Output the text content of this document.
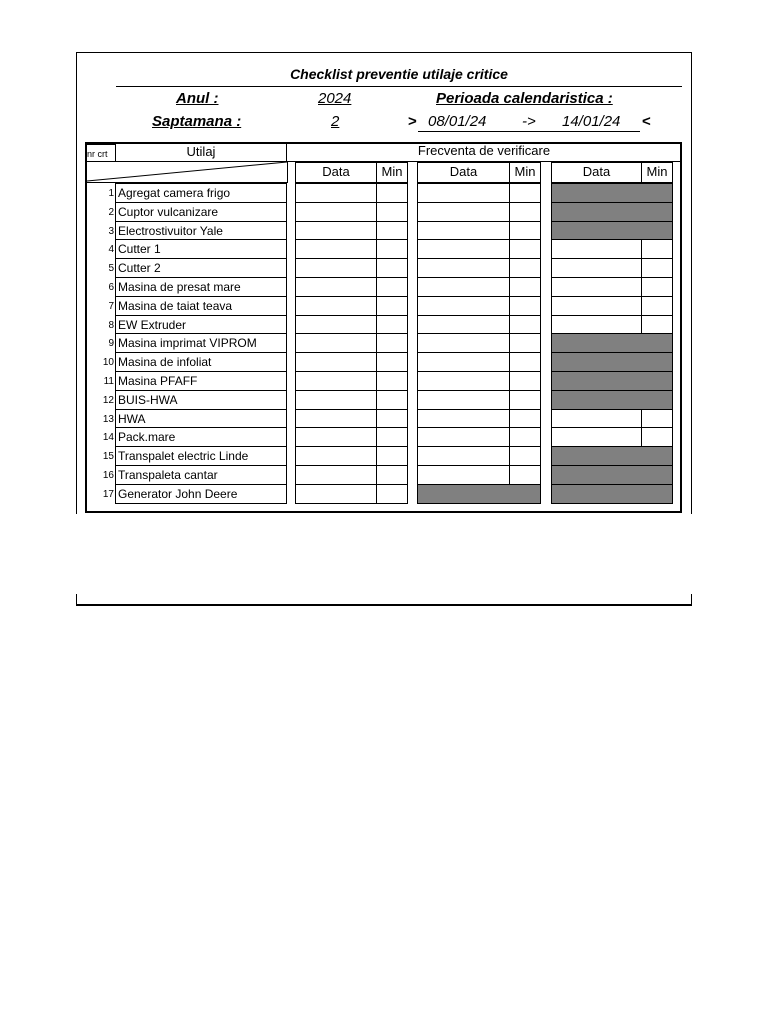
Checklist preventie utilaje critice
Anul :	2024	Perioada calendaristica :
Saptamana :	2	> 08/01/24 -> 14/01/24 <
nr crt	Utilaj	Frecventa de verificare
Data	Min	Data	Min	Data	Min
1 Agregat camera frigo
2 Cuptor vulcanizare
3 Electrostivuitor Yale
4 Cutter 1
5 Cutter 2
6 Masina de presat mare
7 Masina de taiat teava
8 EW Extruder
9 Masina imprimat VIPROM
10 Masina de infoliat
11 Masina PFAFF
12 BUIS-HWA
13 HWA
14 Pack.mare
15 Transpalet electric Linde
16 Transpaleta cantar
17 Generator John Deere
